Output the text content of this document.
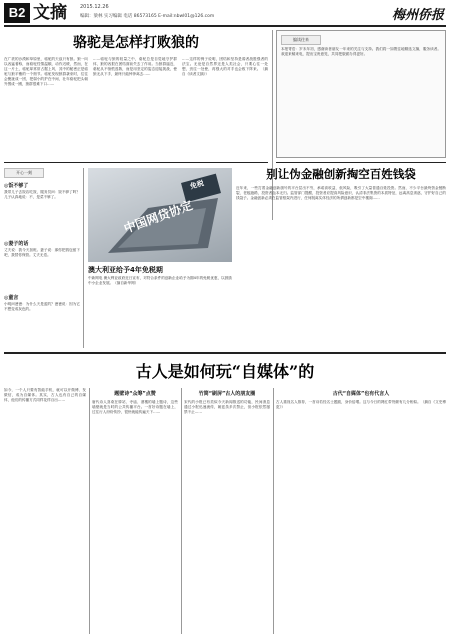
B2 文摘	2015.12.26
编辑：梁林 实习编辑 电话 86573165 E-mail:nbwl01@126.com	梅州侨报
骆驼是怎样打败狼的
在广袤的沙漠和草原里，骆驼的天敌只有狼。狼一向以凶猛著称，而骆驼性情温顺，动作迟缓，然而，在这一片土，骆驼却常常占据上风，其中的秘密正是骆驼与狼平衡的一个细节。骆驼发现狼群袭来时，往往会聚拢成一团，把弱小的护在中间，壮年骆驼把头朝外围成一圈，狼群很难下口……
……骆驼与狼的较量之中，骆驼总是自觉地守护群体，狼的凶狠在团结面前失去了作用。当狼群逼近，骆驼从不惊慌逃散，而是用坚定的姿态迎接挑战，使狼无从下手，最终只能悻悻离去……
……这样的例子说明，团结和坚持是弱者战胜强者的法宝。无论是自然界还是人类社会，只要心往一处想，劲往一处使，再强大的对手也会败下阵来。（摘自《读者文摘》）
编读往来
本报寄语：岁末年初，感谢读者朋友一年来的关注与支持。我们将一如既往地精选文摘，服务读者。欢迎来稿来电，提出宝贵意见，共同把版面办得更好。
别让伪金融创新掏空百姓钱袋
近年来，一些打着金融创新旗号的平台层出不穷，承诺高收益、低风险，吸引了大量普通百姓投资。然而，不少平台最终资金链断裂、老板跑路，投资者血本无归。监管部门提醒，投资者应提高风险意识，认清非法集资的本质特征，远离高息诱惑，守护好自己的钱袋子。金融创新必须在监管框架内进行，任何脱离实体经济的所谓创新都是空中楼阁……
开心一刻
◎饭不够了
我带儿子去饭店吃饭，服务员问：饭不够了吗？儿子认真地说：不，是菜不够了。
◎妻子的话
丈夫说：我今天加班。妻子说：那你把钱包留下吧，我替你保管。丈夫无语。
◎童言
小明问爸爸：为什么天是蓝的？爸爸说：因为它不想变成灰色的。
中国网贷协定
免税
澳大利亚给予4年免税期
中新网电 澳大利亚政府近日宣布，对符合条件的创新企业给予为期4年的免税优惠，以鼓励中小企业发展。（摘自新华网）
古人是如何玩“自媒体”的
如今，一个人只要有智能手机，就可以开微博、发微信，成为自媒体。其实，古人也有自己的自媒体，他们的传播方式同样花样百出……
题壁诗“众筹”点赞
唐代诗人喜欢在驿站、寺庙、酒楼的墙上题诗，这些墙壁就是当时的公共传播平台。一首好诗题在墙上，过往行人纷纷传抄，很快就能传遍天下……
竹简“刷屏”古人的朋友圈
宋代的小报已有类似今天新闻推送的功能，民间消息通过小报迅速流传，朝廷虽多次禁止，但小报依然屡禁不止……
古代“自媒体”也有代言人
古人重视名人推荐，一首诗若经名士题跋，身价倍增。这与今日的网红带货颇有几分相似。（摘自《文史博览》）
